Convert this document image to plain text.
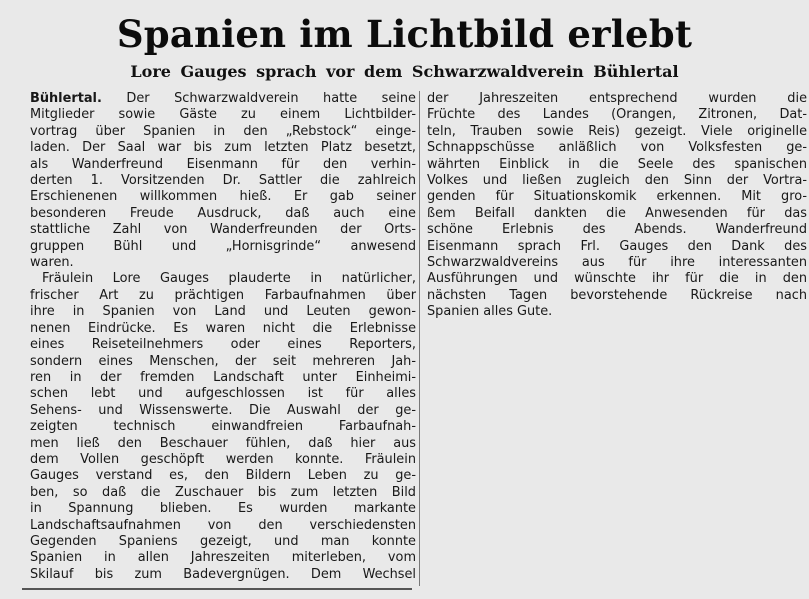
Spanien im Lichtbild erlebt
Lore Gauges sprach vor dem Schwarzwaldverein Bühlertal
Bühlertal. Der Schwarzwaldverein hatte seine
Mitglieder sowie Gäste zu einem Lichtbilder-
vortrag über Spanien in den „Rebstock“ einge-
laden. Der Saal war bis zum letzten Platz besetzt,
als Wanderfreund Eisenmann für den verhin-
derten 1. Vorsitzenden Dr. Sattler die zahlreich
Erschienenen willkommen hieß. Er gab seiner
besonderen Freude Ausdruck, daß auch eine
stattliche Zahl von Wanderfreunden der Orts-
gruppen Bühl und „Hornisgrinde“ anwesend
waren.
Fräulein Lore Gauges plauderte in natürlicher,
frischer Art zu prächtigen Farbaufnahmen über
ihre in Spanien von Land und Leuten gewon-
nenen Eindrücke. Es waren nicht die Erlebnisse
eines Reiseteilnehmers oder eines Reporters,
sondern eines Menschen, der seit mehreren Jah-
ren in der fremden Landschaft unter Einheimi-
schen lebt und aufgeschlossen ist für alles
Sehens- und Wissenswerte. Die Auswahl der ge-
zeigten technisch einwandfreien Farbaufnah-
men ließ den Beschauer fühlen, daß hier aus
dem Vollen geschöpft werden konnte. Fräulein
Gauges verstand es, den Bildern Leben zu ge-
ben, so daß die Zuschauer bis zum letzten Bild
in Spannung blieben. Es wurden markante
Landschaftsaufnahmen von den verschiedensten
Gegenden Spaniens gezeigt, und man konnte
Spanien in allen Jahreszeiten miterleben, vom
Skilauf bis zum Badevergnügen. Dem Wechsel
der Jahreszeiten entsprechend wurden die
Früchte des Landes (Orangen, Zitronen, Dat-
teln, Trauben sowie Reis) gezeigt. Viele originelle
Schnappschüsse anläßlich von Volksfesten ge-
währten Einblick in die Seele des spanischen
Volkes und ließen zugleich den Sinn der Vortra-
genden für Situationskomik erkennen. Mit gro-
ßem Beifall dankten die Anwesenden für das
schöne Erlebnis des Abends. Wanderfreund
Eisenmann sprach Frl. Gauges den Dank des
Schwarzwaldvereins aus für ihre interessanten
Ausführungen und wünschte ihr für die in den
nächsten Tagen bevorstehende Rückreise nach
Spanien alles Gute.
